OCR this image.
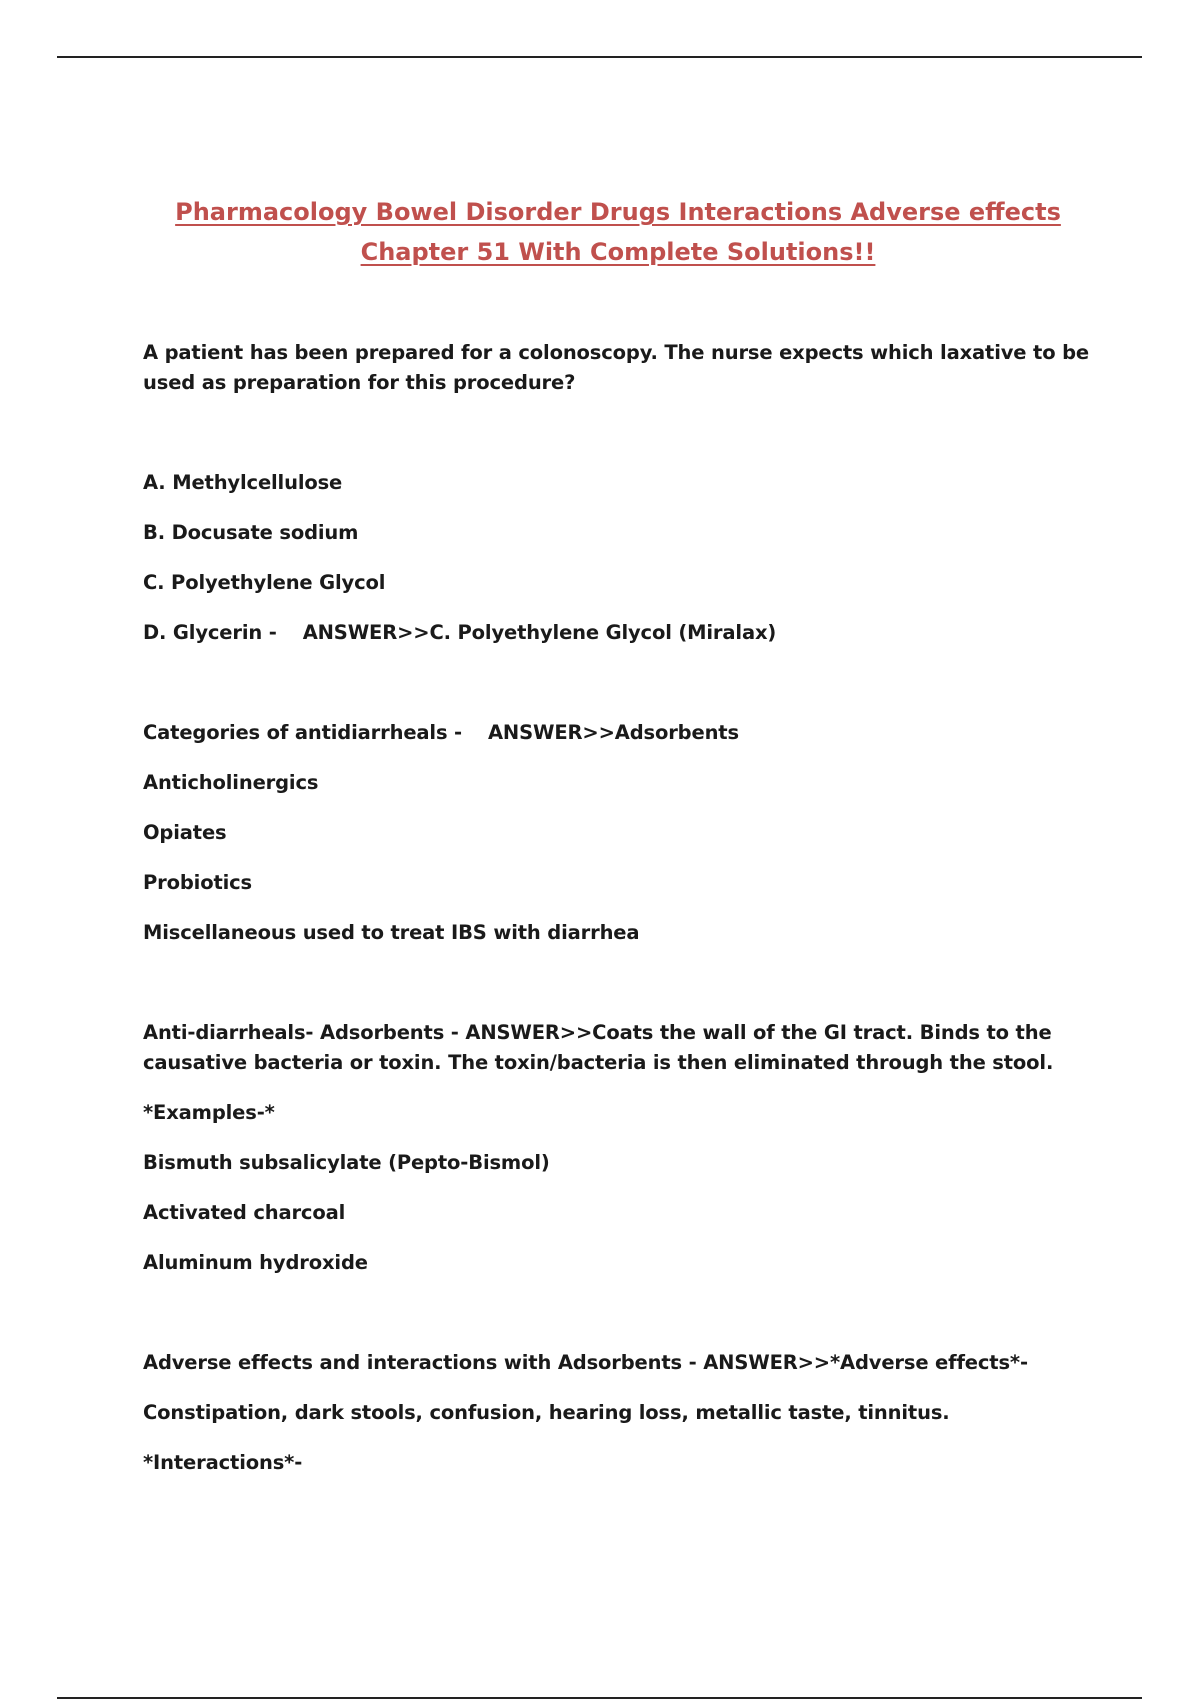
Pharmacology Bowel Disorder Drugs Interactions Adverse effects
Chapter 51 With Complete Solutions!!
A patient has been prepared for a colonoscopy. The nurse expects which laxative to be used as preparation for this procedure?
A. Methylcellulose
B. Docusate sodium
C. Polyethylene Glycol
D. Glycerin - ANSWER>>C. Polyethylene Glycol (Miralax)
Categories of antidiarrheals - ANSWER>>Adsorbents
Anticholinergics
Opiates
Probiotics
Miscellaneous used to treat IBS with diarrhea
Anti-diarrheals- Adsorbents - ANSWER>>Coats the wall of the GI tract. Binds to the causative bacteria or toxin. The toxin/bacteria is then eliminated through the stool.
*Examples-*
Bismuth subsalicylate (Pepto-Bismol)
Activated charcoal
Aluminum hydroxide
Adverse effects and interactions with Adsorbents - ANSWER>>*Adverse effects*-
Constipation, dark stools, confusion, hearing loss, metallic taste, tinnitus.
*Interactions*-
